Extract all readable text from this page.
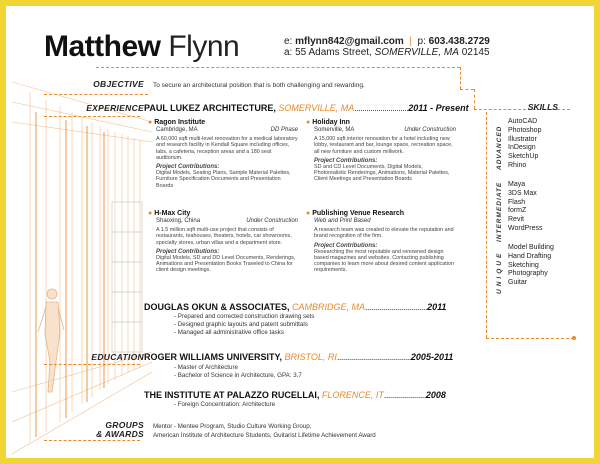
Matthew Flynn	e: mflynn842@gmail.com | p: 603.438.2729
a: 55 Adams Street, SOMERVILLE, MA 02145
OBJECTIVE
EXPERIENCE
EDUCATION
GROUPS
& AWARDS
To secure an architectural position that is both challenging and rewarding.
PAUL LUKEZ ARCHITECTURE, SOMERVILLE, MA...........................2011 - Present
● Ragon Institute
Cambridge, MA	DD Phase
A 60,000 sqft multi-level renovation for a medical laboratory and research facility in Kendall Square including offices, labs, a cafeteria, reception areas and a 180 seat auditorium.
Project Contributions:
Digital Models, Seating Plans, Sample Material Palettes, Furniture Specification Documents and Presentation Boards
● Holiday Inn
Somerville, MA	Under Construction
A 15,000 sqft interior renovation for a hotel including new lobby, restaurant and bar, lounge space, recreation space, all new furniture and custom millwork.
Project Contributions:
SD and CD Level Documents, Digital Models, Photorealistic Renderings, Animations, Material Palettes, Client Meetings and Presentation Boards
● H-Max City
Shaoxing, China	Under Construction
A 1.5 million sqft multi-use project that consists of restaurants, teahouses, theaters, hotels, car showrooms, specialty stores, urban villas and a department store.
Project Contributions:
Digital Models, SD and DD Level Documents, Renderings, Animations and Presentation Books Traveled to China for client design meetings.
● Publishing Venue Research
Web and Print Based
A research team was created to elevate the reputation and brand recognition of the firm.
Project Contributions:
Researching the most reputable and renowned design based magazines and websites. Contacting publishing companies to learn more about desired content application requirements.
DOUGLAS OKUN & ASSOCIATES, CAMBRIDGE, MA...............................2011
- Prepared and corrected construction drawing sets
- Designed graphic layouts and patent submittals
- Managed all administrative office tasks
ROGER WILLIAMS UNIVERSITY, BRISTOL, RI.....................................2005-2011
- Master of Architecture
- Bachelor of Science in Architecture, GPA: 3.7
THE INSTITUTE AT PALAZZO RUCELLAI, FLORENCE, IT.....................2008
- Foreign Concentration: Architecture
Mentor - Mentee Program, Studio Culture Working Group,
American Institute of Architecture Students, Guitarist Lifetime Achievement Award
SKILLS
ADVANCED
AutoCAD
Photoshop
Illustrator
InDesign
SketchUp
Rhino
INTERMEDIATE Maya
3DS Max
Flash
formZ
Revit
WordPress
UNIQUE
Model Building
Hand Drafting
Sketching
Photography
Guitar
